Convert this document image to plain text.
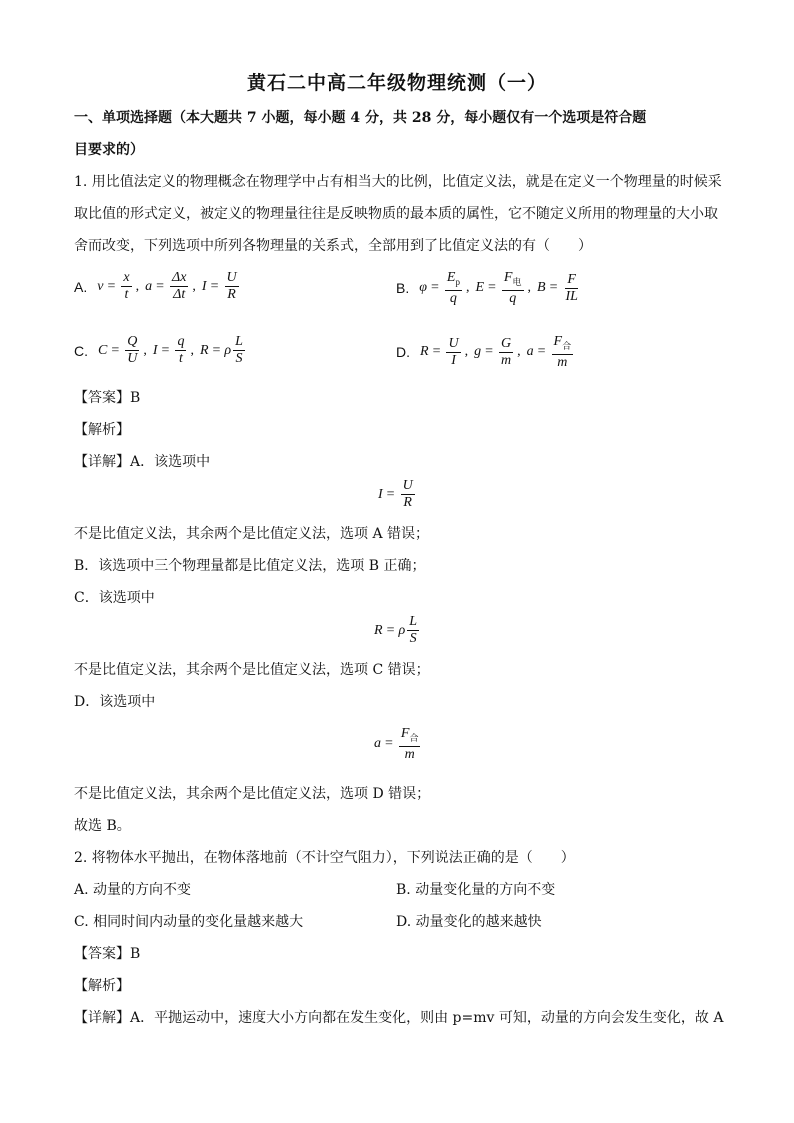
黄石二中高二年级物理统测（一）
一、单项选择题（本大题共 7 小题，每小题 4 分，共 28 分，每小题仅有一个选项是符合题
目要求的）
1. 用比值法定义的物理概念在物理学中占有相当大的比例，比值定义法，就是在定义一个物理量的时候采
取比值的形式定义，被定义的物理量往往是反映物质的最本质的属性，它不随定义所用的物理量的大小取
舍而改变，下列选项中所列各物理量的关系式，全部用到了比值定义法的有（　　）
A. $v = \frac{x}{t}$ , $a = \frac{\Delta x}{\Delta t}$ , $I = \frac{U}{R}$	B. $\varphi = \frac{E_p}{q}$ , $E = \frac{F_电}{q}$ , $B = \frac{F}{IL}$
C. $C = \frac{Q}{U}$ , $I = \frac{q}{t}$ , R = ρ $\frac{L}{S}$	D. $R = \frac{U}{I}$ , $g = \frac{G}{m}$ , $a = \frac{F_合}{m}$
【答案】B
【解析】
【详解】A．该选项中
$I = \frac{U}{R}$
不是比值定义法，其余两个是比值定义法，选项 A 错误；
B．该选项中三个物理量都是比值定义法，选项 B 正确；
C．该选项中
R = ρ $\frac{L}{S}$
不是比值定义法，其余两个是比值定义法，选项 C 错误；
D．该选项中
$a = \frac{F_合}{m}$
不是比值定义法，其余两个是比值定义法，选项 D 错误；
故选 B。
2. 将物体水平抛出，在物体落地前（不计空气阻力），下列说法正确的是（　　）
A. 动量的方向不变	B. 动量变化量的方向不变
C. 相同时间内动量的变化量越来越大	D. 动量变化的越来越快
【答案】B
【解析】
【详解】A．平抛运动中，速度大小方向都在发生变化，则由 p=mv 可知，动量的方向会发生变化，故 A
